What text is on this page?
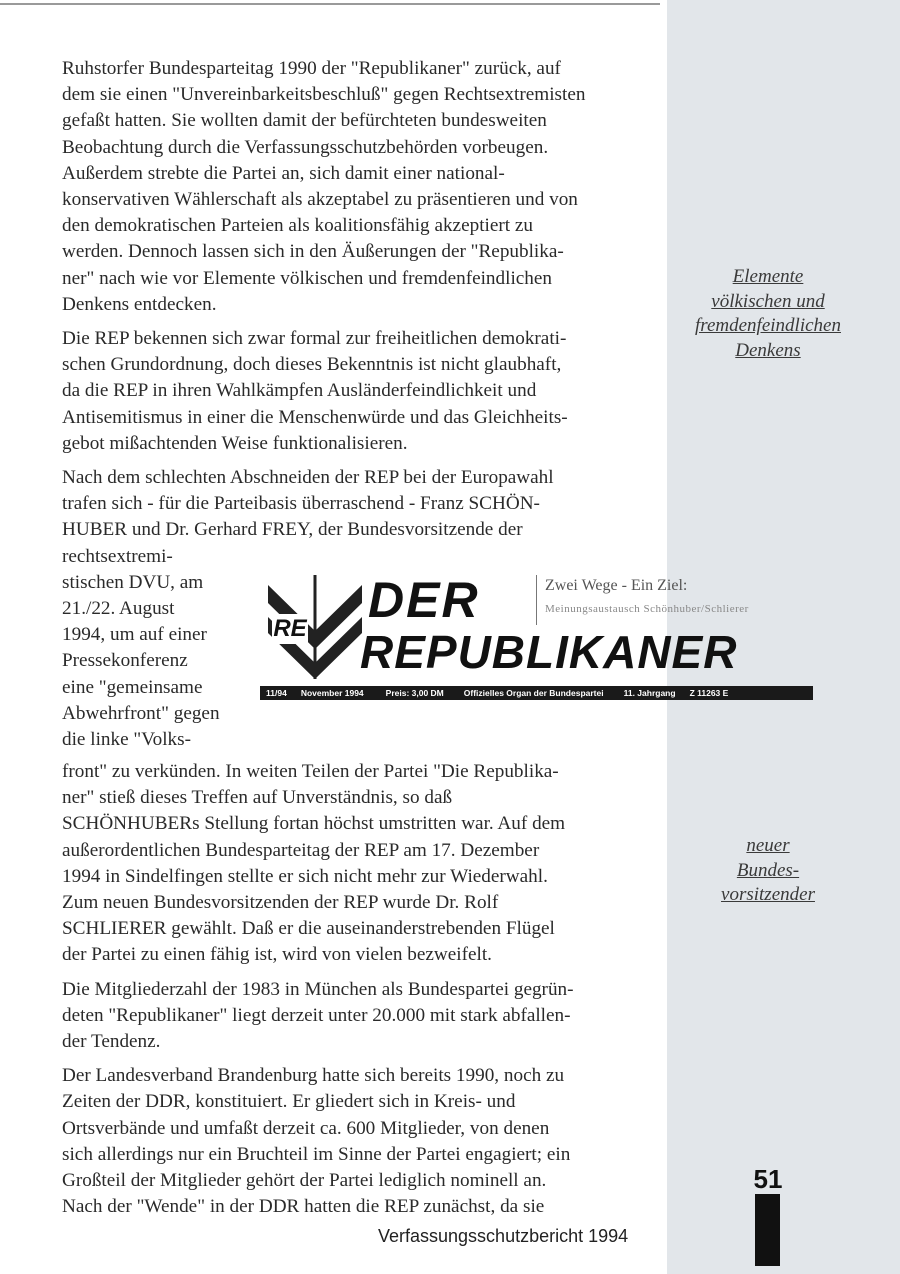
Ruhstorfer Bundesparteitag 1990 der "Republikaner" zurück, auf
dem sie einen "Unvereinbarkeitsbeschluß" gegen Rechtsextremisten
gefaßt hatten. Sie wollten damit der befürchteten bundesweiten
Beobachtung durch die Verfassungsschutzbehörden vorbeugen.
Außerdem strebte die Partei an, sich damit einer national-
konservativen Wählerschaft als akzeptabel zu präsentieren und von
den demokratischen Parteien als koalitionsfähig akzeptiert zu
werden. Dennoch lassen sich in den Äußerungen der "Republika-
ner" nach wie vor Elemente völkischen und fremdenfeindlichen
Denkens entdecken.

Die REP bekennen sich zwar formal zur freiheitlichen demokrati-
schen Grundordnung, doch dieses Bekenntnis ist nicht glaubhaft,
da die REP in ihren Wahlkämpfen Ausländerfeindlichkeit und
Antisemitismus in einer die Menschenwürde und das Gleichheits-
gebot mißachtenden Weise funktionalisieren.

Nach dem schlechten Abschneiden der REP bei der Europawahl
trafen sich - für die Parteibasis überraschend - Franz SCHÖN-
HUBER und Dr. Gerhard FREY, der Bundesvorsitzende der
rechtsextremi-

stischen DVU, am
21./22. August
1994, um auf einer
Pressekonferenz
eine "gemeinsame
Abwehrfront" gegen
die linke "Volks-

RE
DER
REPUBLIKANER
Zwei Wege - Ein Ziel:
Meinungsaustausch Schönhuber/Schlierer
11/94 November 1994	Preis: 3,00 DM Offizielles Organ der Bundespartei 11. Jahrgang Z 11263 E

front" zu verkünden. In weiten Teilen der Partei "Die Republika-
ner" stieß dieses Treffen auf Unverständnis, so daß
SCHÖNHUBERs Stellung fortan höchst umstritten war. Auf dem
außerordentlichen Bundesparteitag der REP am 17. Dezember
1994 in Sindelfingen stellte er sich nicht mehr zur Wiederwahl.
Zum neuen Bundesvorsitzenden der REP wurde Dr. Rolf
SCHLIERER gewählt. Daß er die auseinanderstrebenden Flügel
der Partei zu einen fähig ist, wird von vielen bezweifelt.

Die Mitgliederzahl der 1983 in München als Bundespartei gegrün-
deten "Republikaner" liegt derzeit unter 20.000 mit stark abfallen-
der Tendenz.

Der Landesverband Brandenburg hatte sich bereits 1990, noch zu
Zeiten der DDR, konstituiert. Er gliedert sich in Kreis- und
Ortsverbände und umfaßt derzeit ca. 600 Mitglieder, von denen
sich allerdings nur ein Bruchteil im Sinne der Partei engagiert; ein
Großteil der Mitglieder gehört der Partei lediglich nominell an.
Nach der "Wende" in der DDR hatten die REP zunächst, da sie

Elemente
völkischen und
fremdenfeindlichen
Denkens
neuer
Bundes-
vorsitzender
51
Verfassungsschutzbericht 1994
